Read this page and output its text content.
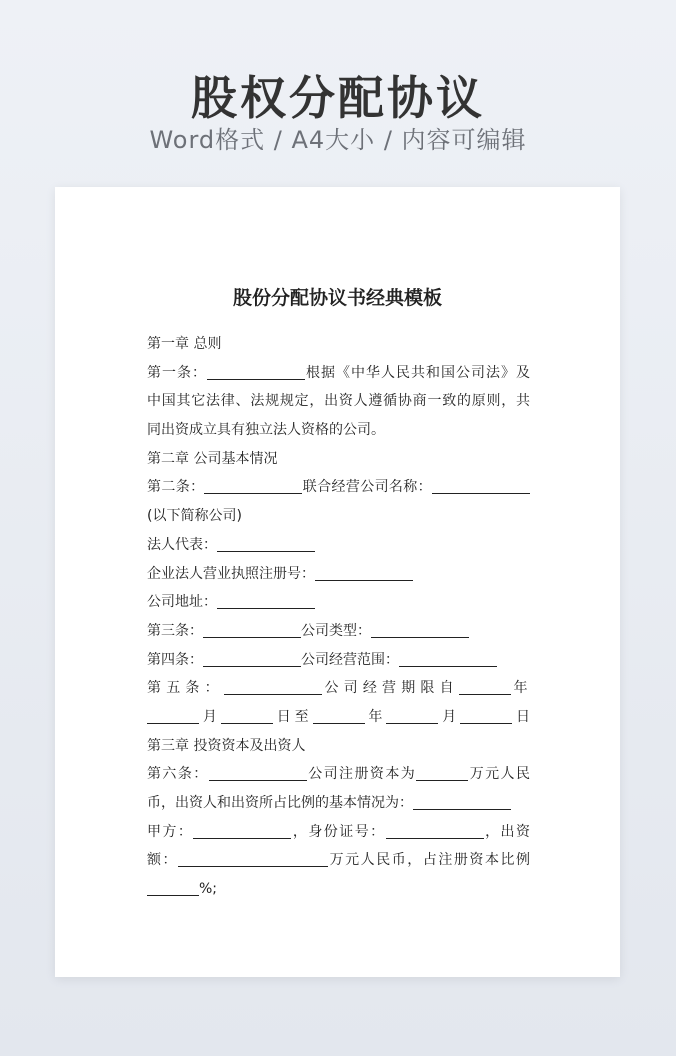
股权分配协议
Word格式 / A4大小 / 内容可编辑
股份分配协议书经典模板
第一章 总则
第一条：	根据《中华人民共和国公司法》及
中国其它法律、法规规定，出资人遵循协商一致的原则，共
同出资成立具有独立法人资格的公司。
第二章 公司基本情况
第二条：	联合经营公司名称：
(以下简称公司)
法人代表：
企业法人营业执照注册号：
公司地址：
第三条：	公司类型：
第四条：	公司经营范围：
第五条：	公司经营期限自	年
月	日至	年	月	日
第三章 投资资本及出资人
第六条：	公司注册资本为	万元人民
币，出资人和出资所占比例的基本情况为：
甲方：	，身份证号：	，出资
额：	万元人民币，占注册资本比例
%;
